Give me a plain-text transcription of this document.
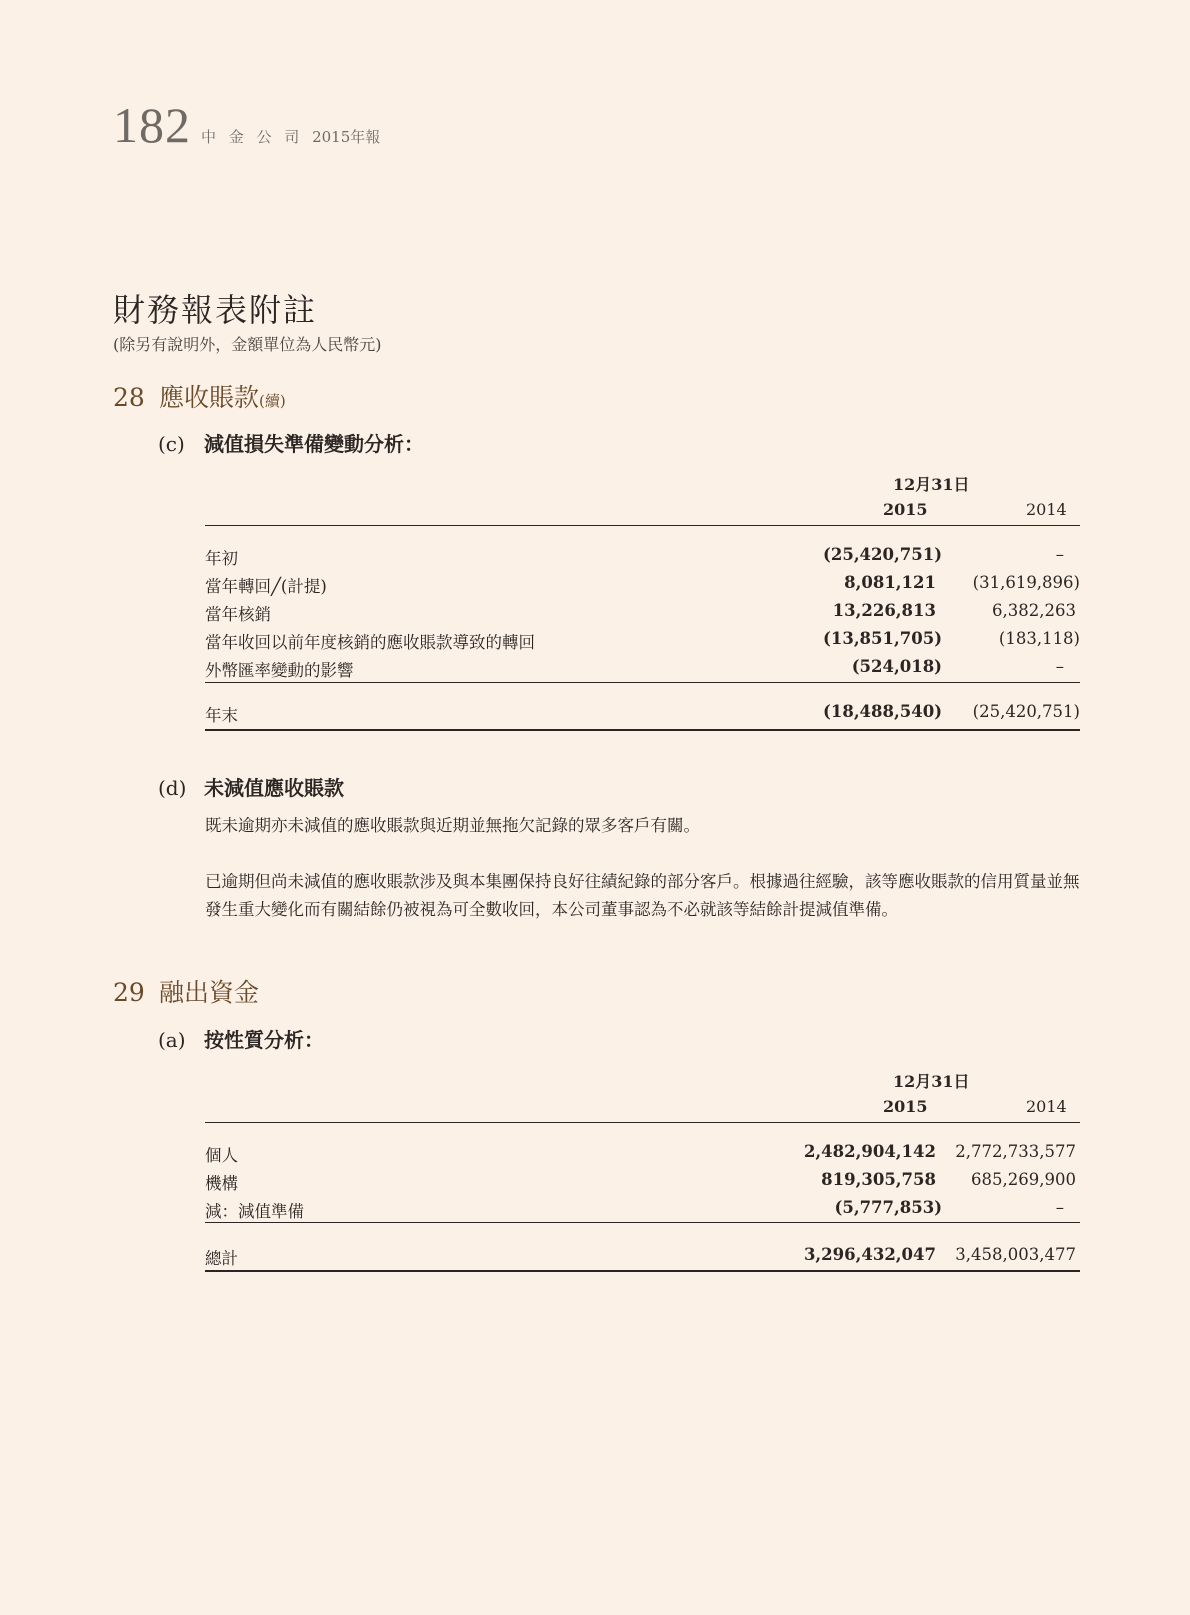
182 中 金 公 司 2015年報
財務報表附註
(除另有說明外，金額單位為人民幣元)
28 應收賬款(續)
(c) 減值損失準備變動分析：
12月31日
2015	2014
年初	(25,420,751)	–
當年轉回╱(計提)	8,081,121 (31,619,896)
當年核銷	13,226,813	6,382,263
當年收回以前年度核銷的應收賬款導致的轉回	(13,851,705)	(183,118)
外幣匯率變動的影響	(524,018)	–
年末	(18,488,540) (25,420,751)
(d) 未減值應收賬款
既未逾期亦未減值的應收賬款與近期並無拖欠記錄的眾多客戶有關。
已逾期但尚未減值的應收賬款涉及與本集團保持良好往績紀錄的部分客戶。根據過往經驗，該等應收賬款的信用質量並無發生重大變化而有關結餘仍被視為可全數收回，本公司董事認為不必就該等結餘計提減值準備。
29 融出資金
(a) 按性質分析：
12月31日
2015	2014
個人	2,482,904,142 2,772,733,577
機構	819,305,758 685,269,900
減：減值準備	(5,777,853)	–
總計	3,296,432,047 3,458,003,477
